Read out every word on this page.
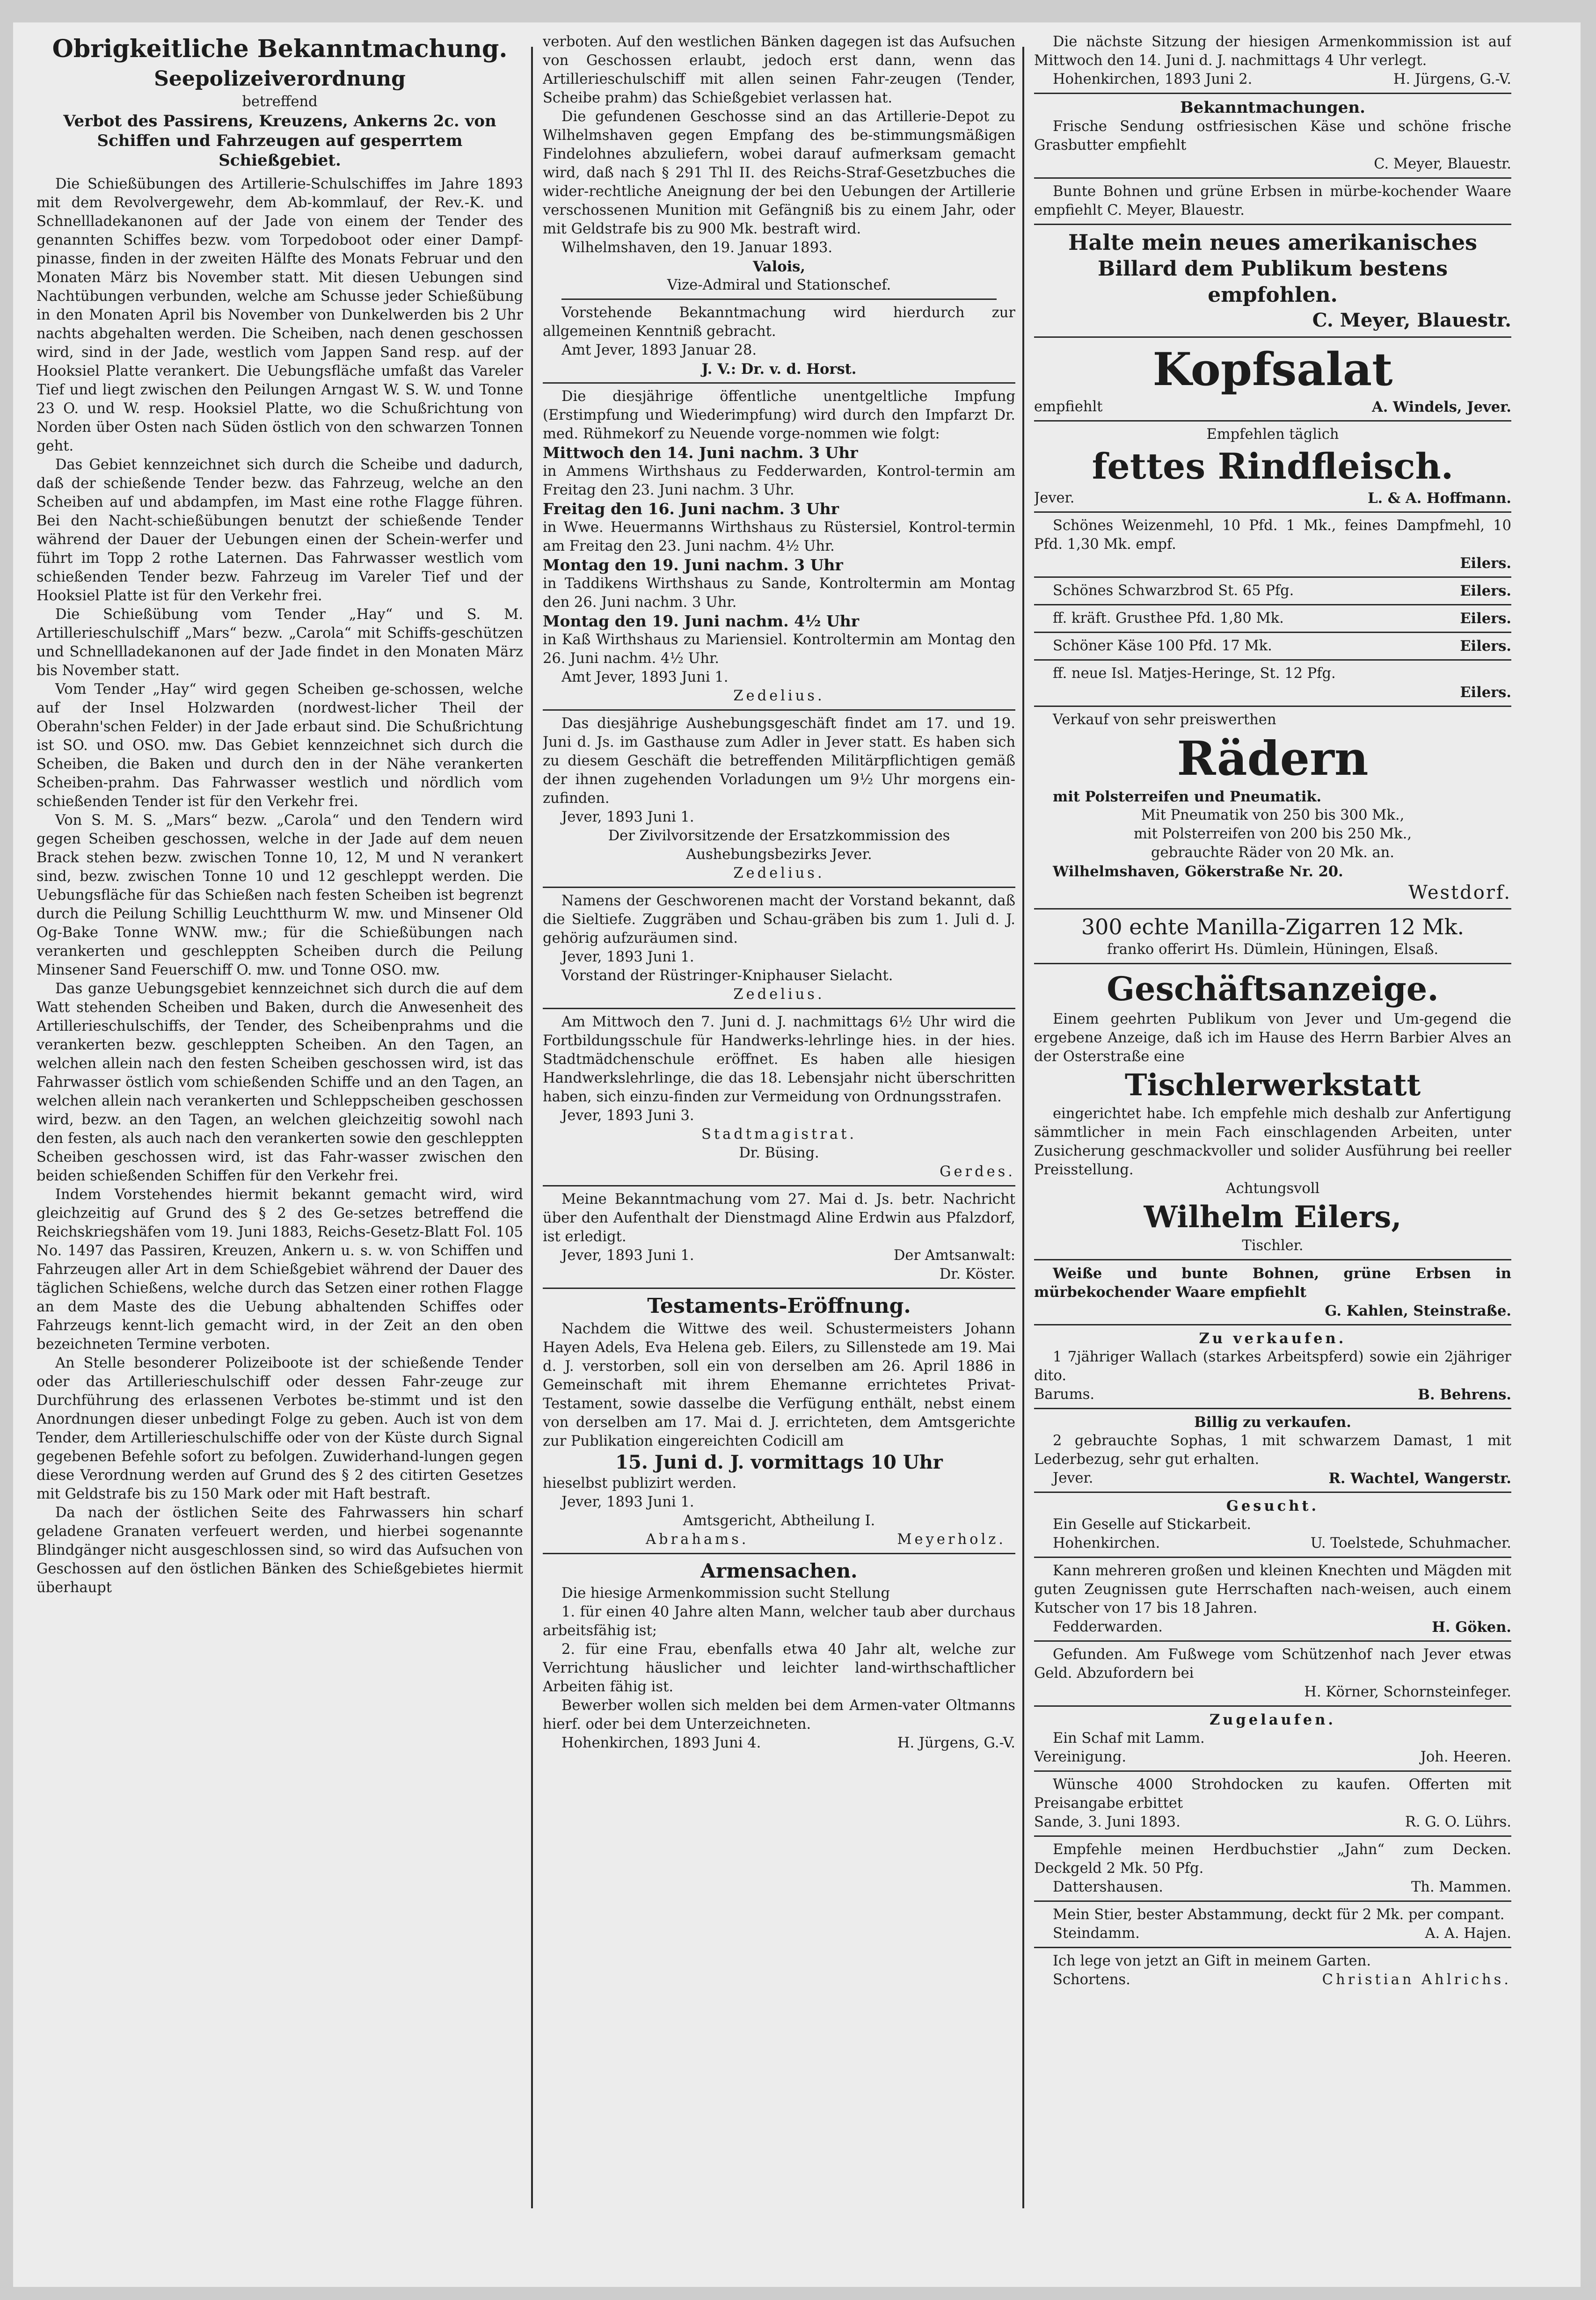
Obrigkeitliche Bekanntmachung.

Seepolizeiverordnung

betreffend

Verbot des Passirens, Kreuzens, Ankerns 2c. von Schiffen und Fahrzeugen auf gesperrtem Schießgebiet.

Die Schießübungen des Artillerie-Schulschiffes im Jahre 1893 mit dem Revolvergewehr, dem Ab-kommlauf, der Rev.-K. und Schnellladekanonen auf der Jade von einem der Tender des genannten Schiffes bezw. vom Torpedoboot oder einer Dampf-pinasse, finden in der zweiten Hälfte des Monats Februar und den Monaten März bis November statt. Mit diesen Uebungen sind Nachtübungen verbunden, welche am Schusse jeder Schießübung in den Monaten April bis November von Dunkelwerden bis 2 Uhr nachts abgehalten werden. Die Scheiben, nach denen geschossen wird, sind in der Jade, westlich vom Jappen Sand resp. auf der Hooksiel Platte verankert. Die Uebungsfläche umfaßt das Vareler Tief und liegt zwischen den Peilungen Arngast W. S. W. und Tonne 23 O. und W. resp. Hooksiel Platte, wo die Schußrichtung von Norden über Osten nach Süden östlich von den schwarzen Tonnen geht.

Das Gebiet kennzeichnet sich durch die Scheibe und dadurch, daß der schießende Tender bezw. das Fahrzeug, welche an den Scheiben auf und abdampfen, im Mast eine rothe Flagge führen. Bei den Nacht-schießübungen benutzt der schießende Tender während der Dauer der Uebungen einen der Schein-werfer und führt im Topp 2 rothe Laternen. Das Fahrwasser westlich vom schießenden Tender bezw. Fahrzeug im Vareler Tief und der Hooksiel Platte ist für den Verkehr frei.

Die Schießübung vom Tender „Hay“ und S. M. Artillerieschulschiff „Mars“ bezw. „Carola“ mit Schiffs-geschützen und Schnellladekanonen auf der Jade findet in den Monaten März bis November statt.

Vom Tender „Hay“ wird gegen Scheiben ge-schossen, welche auf der Insel Holzwarden (nordwest-licher Theil der Oberahn'schen Felder) in der Jade erbaut sind. Die Schußrichtung ist SO. und OSO. mw. Das Gebiet kennzeichnet sich durch die Scheiben, die Baken und durch den in der Nähe verankerten Scheiben-prahm. Das Fahrwasser westlich und nördlich vom schießenden Tender ist für den Verkehr frei.

Von S. M. S. „Mars“ bezw. „Carola“ und den Tendern wird gegen Scheiben geschossen, welche in der Jade auf dem neuen Brack stehen bezw. zwischen Tonne 10, 12, M und N verankert sind, bezw. zwischen Tonne 10 und 12 geschleppt werden. Die Uebungsfläche für das Schießen nach festen Scheiben ist begrenzt durch die Peilung Schillig Leuchtthurm W. mw. und Minsener Old Og-Bake Tonne WNW. mw.; für die Schießübungen nach verankerten und geschleppten Scheiben durch die Peilung Minsener Sand Feuerschiff O. mw. und Tonne OSO. mw.

Das ganze Uebungsgebiet kennzeichnet sich durch die auf dem Watt stehenden Scheiben und Baken, durch die Anwesenheit des Artillerieschulschiffs, der Tender, des Scheibenprahms und die verankerten bezw. geschleppten Scheiben. An den Tagen, an welchen allein nach den festen Scheiben geschossen wird, ist das Fahrwasser östlich vom schießenden Schiffe und an den Tagen, an welchen allein nach verankerten und Schleppscheiben geschossen wird, bezw. an den Tagen, an welchen gleichzeitig sowohl nach den festen, als auch nach den verankerten sowie den geschleppten Scheiben geschossen wird, ist das Fahr-wasser zwischen den beiden schießenden Schiffen für den Verkehr frei.

Indem Vorstehendes hiermit bekannt gemacht wird, wird gleichzeitig auf Grund des § 2 des Ge-setzes betreffend die Reichskriegshäfen vom 19. Juni 1883, Reichs-Gesetz-Blatt Fol. 105 No. 1497 das Passiren, Kreuzen, Ankern u. s. w. von Schiffen und Fahrzeugen aller Art in dem Schießgebiet während der Dauer des täglichen Schießens, welche durch das Setzen einer rothen Flagge an dem Maste des die Uebung abhaltenden Schiffes oder Fahrzeugs kennt-lich gemacht wird, in der Zeit an den oben bezeichneten Termine verboten.

An Stelle besonderer Polizeiboote ist der schießende Tender oder das Artillerieschulschiff oder dessen Fahr-zeuge zur Durchführung des erlassenen Verbotes be-stimmt und ist den Anordnungen dieser unbedingt Folge zu geben. Auch ist von dem Tender, dem Artillerieschulschiffe oder von der Küste durch Signal gegebenen Befehle sofort zu befolgen. Zuwiderhand-lungen gegen diese Verordnung werden auf Grund des § 2 des citirten Gesetzes mit Geldstrafe bis zu 150 Mark oder mit Haft bestraft.

Da nach der östlichen Seite des Fahrwassers hin scharf geladene Granaten verfeuert werden, und hierbei sogenannte Blindgänger nicht ausgeschlossen sind, so wird das Aufsuchen von Geschossen auf den östlichen Bänken des Schießgebietes hiermit überhaupt

verboten. Auf den westlichen Bänken dagegen ist das Aufsuchen von Geschossen erlaubt, jedoch erst dann, wenn das Artillerieschulschiff mit allen seinen Fahr-zeugen (Tender, Scheibe prahm) das Schießgebiet verlassen hat.

Die gefundenen Geschosse sind an das Artillerie-Depot zu Wilhelmshaven gegen Empfang des be-stimmungsmäßigen Findelohnes abzuliefern, wobei darauf aufmerksam gemacht wird, daß nach § 291 Thl II. des Reichs-Straf-Gesetzbuches die wider-rechtliche Aneignung der bei den Uebungen der Artillerie verschossenen Munition mit Gefängniß bis zu einem Jahr, oder mit Geldstrafe bis zu 900 Mk. bestraft wird.

Wilhelmshaven, den 19. Januar 1893.

Valois,

Vize-Admiral und Stationschef.

Vorstehende Bekanntmachung wird hierdurch zur allgemeinen Kenntniß gebracht.

Amt Jever, 1893 Januar 28.

J. V.: Dr. v. d. Horst.

Die diesjährige öffentliche unentgeltliche Impfung (Erstimpfung und Wiederimpfung) wird durch den Impfarzt Dr. med. Rühmekorf zu Neuende vorge-nommen wie folgt:

Mittwoch den 14. Juni nachm. 3 Uhr

in Ammens Wirthshaus zu Fedderwarden, Kontrol-termin am Freitag den 23. Juni nachm. 3 Uhr.

Freitag den 16. Juni nachm. 3 Uhr

in Wwe. Heuermanns Wirthshaus zu Rüstersiel, Kontrol-termin am Freitag den 23. Juni nachm. 4½ Uhr.

Montag den 19. Juni nachm. 3 Uhr

in Taddikens Wirthshaus zu Sande, Kontroltermin am Montag den 26. Juni nachm. 3 Uhr.

Montag den 19. Juni nachm. 4½ Uhr

in Kaß Wirthshaus zu Mariensiel. Kontroltermin am Montag den 26. Juni nachm. 4½ Uhr.

Amt Jever, 1893 Juni 1.

Zedelius.

Das diesjährige Aushebungsgeschäft findet am 17. und 19. Juni d. Js. im Gasthause zum Adler in Jever statt. Es haben sich zu diesem Geschäft die betreffenden Militärpflichtigen gemäß der ihnen zugehenden Vorladungen um 9½ Uhr morgens ein-zufinden.

Jever, 1893 Juni 1.

Der Zivilvorsitzende der Ersatzkommission des Aushebungsbezirks Jever.

Zedelius.

Namens der Geschworenen macht der Vorstand bekannt, daß die Sieltiefe. Zuggräben und Schau-gräben bis zum 1. Juli d. J. gehörig aufzuräumen sind.

Jever, 1893 Juni 1.

Vorstand der Rüstringer-Kniphauser Sielacht.

Zedelius.

Am Mittwoch den 7. Juni d. J. nachmittags 6½ Uhr wird die Fortbildungsschule für Handwerks-lehrlinge hies. in der hies. Stadtmädchenschule eröffnet. Es haben alle hiesigen Handwerkslehrlinge, die das 18. Lebensjahr nicht überschritten haben, sich einzu-finden zur Vermeidung von Ordnungsstrafen.

Jever, 1893 Juni 3.

Stadtmagistrat.

Dr. Büsing.

Gerdes.

Meine Bekanntmachung vom 27. Mai d. Js. betr. Nachricht über den Aufenthalt der Dienstmagd Aline Erdwin aus Pfalzdorf, ist erledigt.

Jever, 1893 Juni 1.	Der Amtsanwalt:

Dr. Köster.

Testaments-Eröffnung.

Nachdem die Wittwe des weil. Schustermeisters Johann Hayen Adels, Eva Helena geb. Eilers, zu Sillenstede am 19. Mai d. J. verstorben, soll ein von derselben am 26. April 1886 in Gemeinschaft mit ihrem Ehemanne errichtetes Privat-Testament, sowie dasselbe die Verfügung enthält, nebst einem von derselben am 17. Mai d. J. errichteten, dem Amtsgerichte zur Publikation eingereichten Codicill am

15. Juni d. J. vormittags 10 Uhr

hieselbst publizirt werden.

Jever, 1893 Juni 1.

Amtsgericht, Abtheilung I.

Abrahams.	Meyerholz.

Armensachen.

Die hiesige Armenkommission sucht Stellung

1. für einen 40 Jahre alten Mann, welcher taub aber durchaus arbeitsfähig ist;

2. für eine Frau, ebenfalls etwa 40 Jahr alt, welche zur Verrichtung häuslicher und leichter land-wirthschaftlicher Arbeiten fähig ist.

Bewerber wollen sich melden bei dem Armen-vater Oltmanns hierf. oder bei dem Unterzeichneten.

Hohenkirchen, 1893 Juni 4.	H. Jürgens, G.-V.

Die nächste Sitzung der hiesigen Armenkommission ist auf Mittwoch den 14. Juni d. J. nachmittags 4 Uhr verlegt.

Hohenkirchen, 1893 Juni 2.	H. Jürgens, G.-V.

Bekanntmachungen.

Frische Sendung ostfriesischen Käse und schöne frische Grasbutter empfiehlt

C. Meyer, Blauestr.

Bunte Bohnen und grüne Erbsen in mürbe-kochender Waare empfiehlt C. Meyer, Blauestr.

Halte mein neues amerikanisches

Billard dem Publikum bestens empfohlen.

C. Meyer, Blauestr.

Kopfsalat

empfiehlt	A. Windels, Jever.

Empfehlen täglich

fettes Rindfleisch.

Jever.	L. & A. Hoffmann.

Schönes Weizenmehl, 10 Pfd. 1 Mk., feines Dampfmehl, 10 Pfd. 1,30 Mk. empf.

Eilers.

Schönes Schwarzbrod St. 65 Pfg.	Eilers.

ff. kräft. Grusthee Pfd. 1,80 Mk.	Eilers.

Schöner Käse 100 Pfd. 17 Mk.	Eilers.

ff. neue Isl. Matjes-Heringe, St. 12 Pfg.

Eilers.

Verkauf von sehr preiswerthen

Rädern

mit Polsterreifen und Pneumatik.

Mit Pneumatik von 250 bis 300 Mk.,

mit Polsterreifen von 200 bis 250 Mk.,

gebrauchte Räder von 20 Mk. an.

Wilhelmshaven, Gökerstraße Nr. 20.

Westdorf.

300 echte Manilla-Zigarren 12 Mk.

franko offerirt Hs. Dümlein, Hüningen, Elsaß.

Geschäftsanzeige.

Einem geehrten Publikum von Jever und Um-gegend die ergebene Anzeige, daß ich im Hause des Herrn Barbier Alves an der Osterstraße eine

Tischlerwerkstatt

eingerichtet habe. Ich empfehle mich deshalb zur Anfertigung sämmtlicher in mein Fach einschlagenden Arbeiten, unter Zusicherung geschmackvoller und solider Ausführung bei reeller Preisstellung.

Achtungsvoll

Wilhelm Eilers,

Tischler.

Weiße und bunte Bohnen, grüne Erbsen in mürbekochender Waare empfiehlt

G. Kahlen, Steinstraße.

Zu verkaufen.

1 7jähriger Wallach (starkes Arbeitspferd) sowie ein 2jähriger dito.

Barums.	B. Behrens.

Billig zu verkaufen.

2 gebrauchte Sophas, 1 mit schwarzem Damast, 1 mit Lederbezug, sehr gut erhalten.

Jever.	R. Wachtel, Wangerstr.

Gesucht.

Ein Geselle auf Stickarbeit.

Hohenkirchen.	U. Toelstede, Schuhmacher.

Kann mehreren großen und kleinen Knechten und Mägden mit guten Zeugnissen gute Herrschaften nach-weisen, auch einem Kutscher von 17 bis 18 Jahren.

Fedderwarden.	H. Göken.

Gefunden. Am Fußwege vom Schützenhof nach Jever etwas Geld. Abzufordern bei

H. Körner, Schornsteinfeger.

Zugelaufen.

Ein Schaf mit Lamm.

Vereinigung.	Joh. Heeren.

Wünsche 4000 Strohdocken zu kaufen. Offerten mit Preisangabe erbittet

Sande, 3. Juni 1893.	R. G. O. Lührs.

Empfehle meinen Herdbuchstier „Jahn“ zum Decken. Deckgeld 2 Mk. 50 Pfg.

Dattershausen.	Th. Mammen.

Mein Stier, bester Abstammung, deckt für 2 Mk. per compant.

Steindamm.	A. A. Hajen.

Ich lege von jetzt an Gift in meinem Garten.

Schortens.	Christian Ahlrichs.
